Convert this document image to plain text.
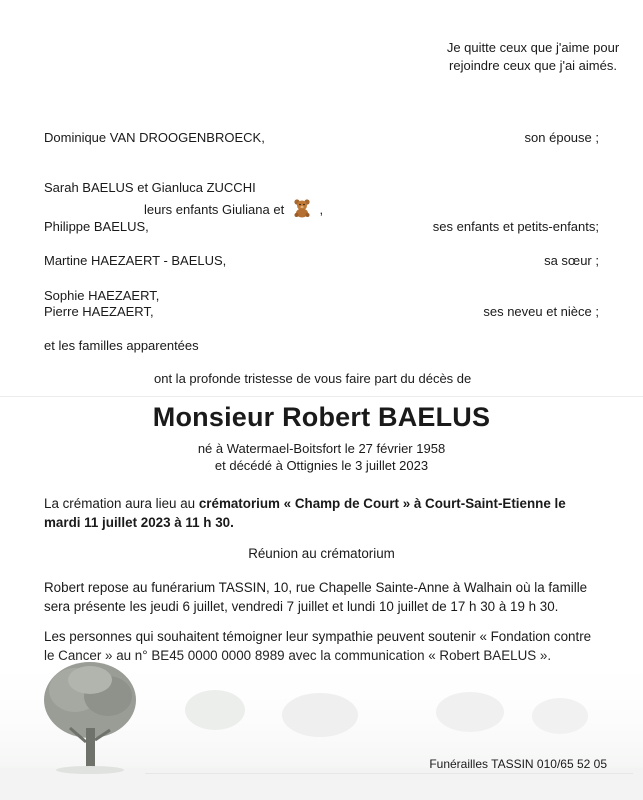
Je quitte ceux que j'aime pour
rejoindre ceux que j'ai aimés.
Dominique VAN DROOGENBROECK,	son épouse ;
Sarah BAELUS et Gianluca ZUCCHI
leurs enfants Giuliana et	,
Philippe BAELUS,	ses enfants et petits-enfants;
Martine HAEZAERT - BAELUS,	sa sœur ;
Sophie HAEZAERT,
Pierre HAEZAERT,	ses neveu et nièce ;
et les familles apparentées
ont la profonde tristesse de vous faire part du décès de
Monsieur Robert BAELUS
né à Watermael-Boitsfort le 27 février 1958
et décédé à Ottignies le 3 juillet 2023
La crémation aura lieu au crématorium « Champ de Court » à Court-Saint-Etienne le
mardi 11 juillet 2023 à 11 h 30.
Réunion au crématorium
Robert repose au funérarium TASSIN, 10, rue Chapelle Sainte-Anne à Walhain où la famille sera présente les jeudi 6 juillet, vendredi 7 juillet et lundi 10 juillet de 17 h 30 à 19 h 30.
Les personnes qui souhaitent témoigner leur sympathie peuvent soutenir « Fondation contre
Funérailles TASSIN 010/65 52 05
